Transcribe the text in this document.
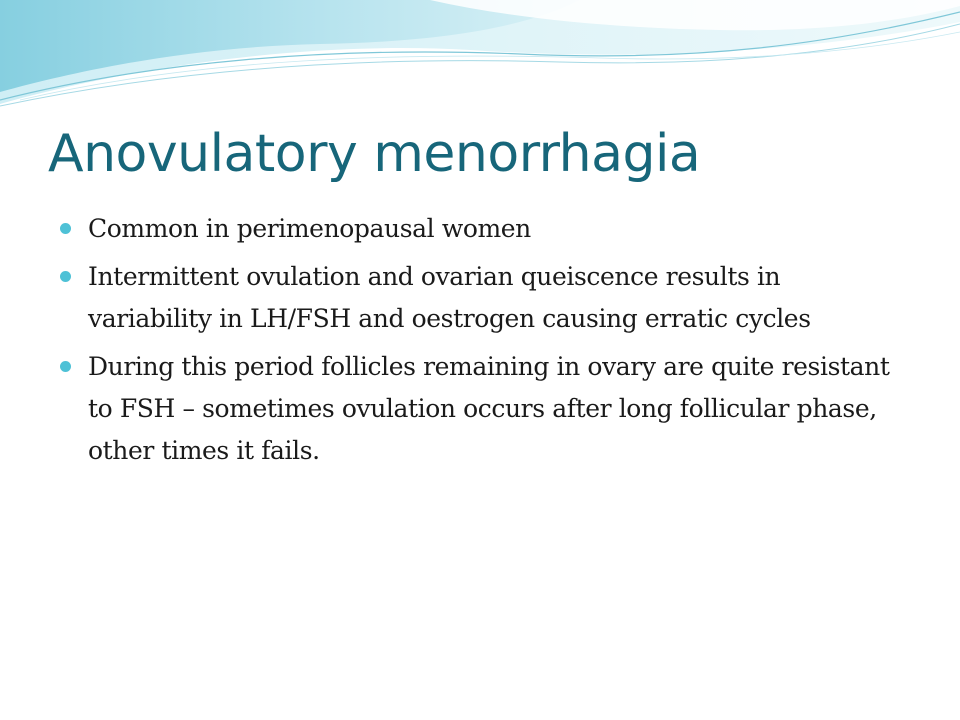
Anovulatory menorrhagia
Common in perimenopausal women
Intermittent ovulation and ovarian queiscence results in variability in LH/FSH and oestrogen causing erratic cycles
During this period follicles remaining in ovary are quite resistant to FSH – sometimes ovulation occurs after long follicular phase, other times it fails.
